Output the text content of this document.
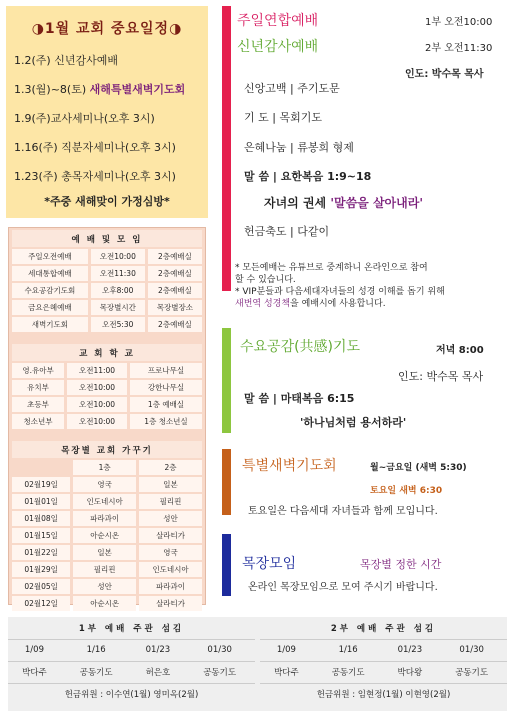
◑1월 교회 중요일정◑
1.2(주) 신년감사예배
1.3(월)~8(토) 새해특별새벽기도회
1.9(주)교사세미나(오후 3시)
1.16(주) 직분자세미나(오후 3시)
1.23(주) 총목자세미나(오후 3시)
*주중 새해맞이 가정심방*
예 배 및 모 임		
주일오전예배	오전10:00	2층예배실
세대통합예배	오전11:30	2층예배실
수요공감기도회	오후8:00	2층예배실
금요은혜예배	목장별시간	목장별장소
새벽기도회	오전5:30	2층예배실
교 회 학 교		
영.유아부	오전11:00	프로나무실
유치부	오전10:00	강한나무실
초등부	오전10:00	1층 예배실
청소년부	오전10:00	1층 청소년실
목장별 교회 가꾸기		
	1층	2층
02월19일	영국	일본
01월01일	인도네시아	필리핀
01월08일	파라과이	성안
01월15일	아순시온	살라티가
01월22일	일본	영국
01월29일	필리핀	인도네시아
02월05일	성안	파라과이
02월12일	아순시온	살라티가
주일연합예배	1부 오전10:00
신년감사예배	2부 오전11:30
인도: 박수목 목사
신앙고백 | 주기도문
기 도 | 목회기도
은혜나눔 | 류봉희 형제
말 씀 | 요한복음 1:9~18
자녀의 권세 '말씀을 살아내라'
헌금축도 | 다같이
* 모든예배는 유튜브로 중계하니 온라인으로 참여
할 수 있습니다.
* VIP분들과 다음세대자녀들의 성경 이해를 돕기 위해
새번역 성경책을 예배시에 사용합니다.
수요공감(共感)기도	저녁 8:00
인도: 박수목 목사
말 씀 | 마태복음 6:15
'하나님처럼 용서하라'
특별새벽기도회	월~금요일 (새벽 5:30)
토요일 새벽 6:30
토요일은 다음세대 자녀들과 함께 모입니다.
목장모임	목장별 정한 시간
온라인 목장모임으로 모여 주시기 바랍니다.
1부 예배 주관 섬김					2부 예배 주관 섬김			
1/09	1/16	01/23	01/30		1/09	1/16	01/23	01/30
박다주	공동기도	허은호	공동기도		박다주	공동기도	박다왕	공동기도
헌금위원 : 이수연(1월) 영미옥(2월)					헌금위원 : 임현정(1월) 이현영(2월)			
